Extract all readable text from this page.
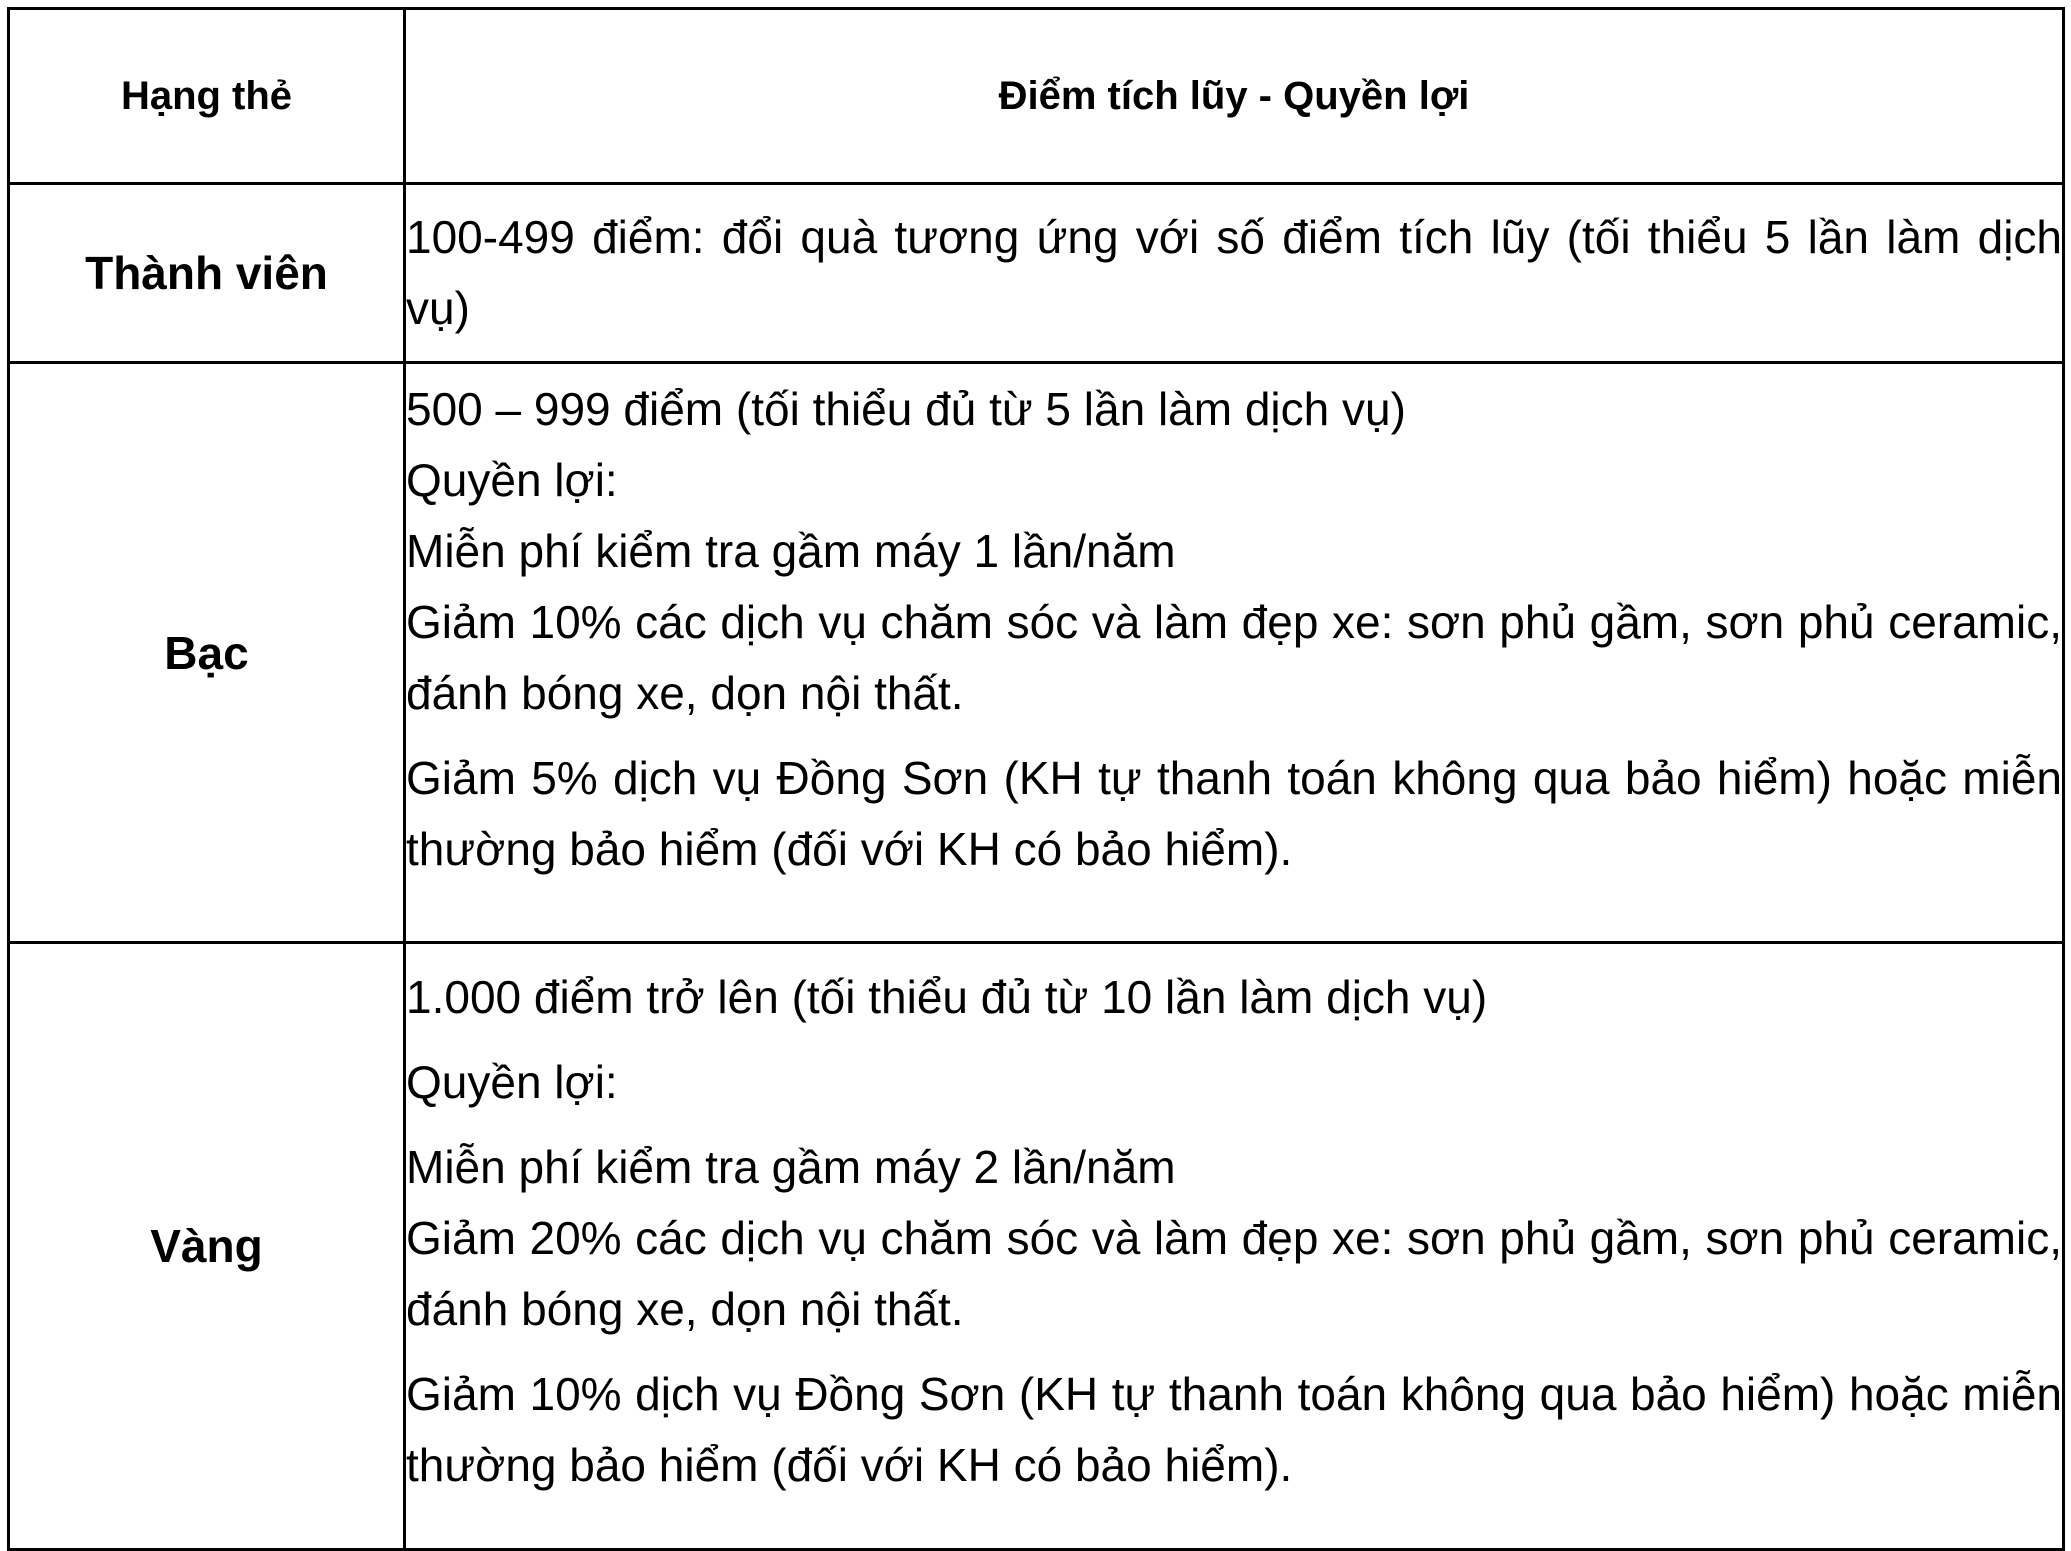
Hạng thẻ	Điểm tích lũy - Quyền lợi
Thành viên	100-499 điểm: đổi quà tương ứng với số điểm tích lũy (tối thiểu 5 lần làm dịch vụ)

Bạc	500 – 999 điểm (tối thiểu đủ từ 5 lần làm dịch vụ)
Quyền lợi:
Miễn phí kiểm tra gầm máy 1 lần/năm
Giảm 10% các dịch vụ chăm sóc và làm đẹp xe: sơn phủ gầm, sơn phủ ceramic, đánh bóng xe, dọn nội thất.
Giảm 5% dịch vụ Đồng Sơn (KH tự thanh toán không qua bảo hiểm) hoặc miễn thường bảo hiểm (đối với KH có bảo hiểm).

Vàng	1.000 điểm trở lên (tối thiểu đủ từ 10 lần làm dịch vụ)
Quyền lợi:
Miễn phí kiểm tra gầm máy 2 lần/năm
Giảm 20% các dịch vụ chăm sóc và làm đẹp xe: sơn phủ gầm, sơn phủ ceramic, đánh bóng xe, dọn nội thất.
Giảm 10% dịch vụ Đồng Sơn (KH tự thanh toán không qua bảo hiểm) hoặc miễn thường bảo hiểm (đối với KH có bảo hiểm).
